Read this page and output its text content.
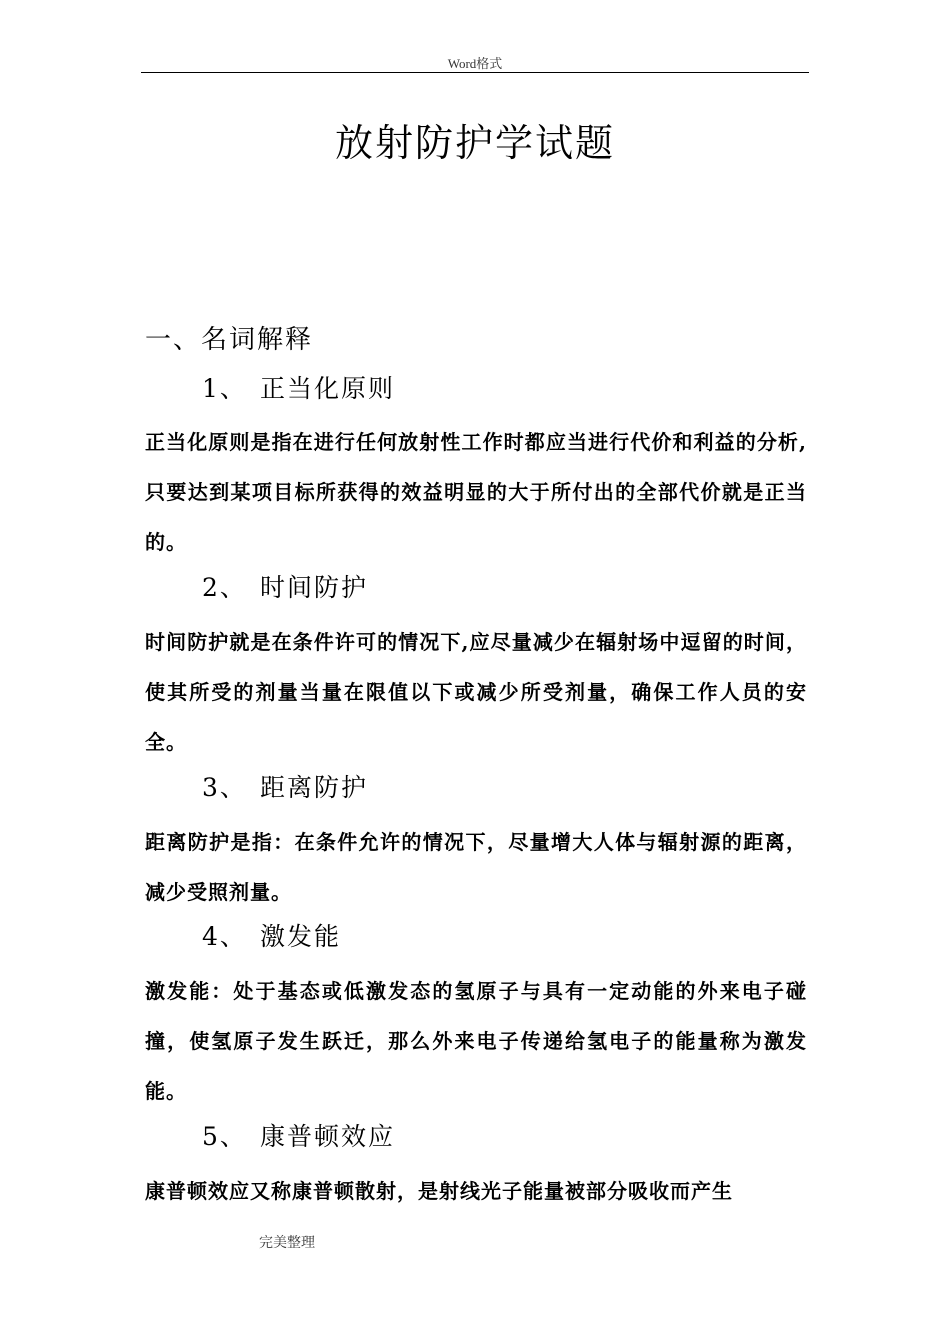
Word格式
放射防护学试题
一、名词解释
1、 正当化原则
正当化原则是指在进行任何放射性工作时都应当进行代价和利益的分析,只要达到某项目标所获得的效益明显的大于所付出的全部代价就是正当的。
2、 时间防护
时间防护就是在条件许可的情况下,应尽量减少在辐射场中逗留的时间，使其所受的剂量当量在限值以下或减少所受剂量，确保工作人员的安全。
3、 距离防护
距离防护是指：在条件允许的情况下，尽量增大人体与辐射源的距离，减少受照剂量。
4、 激发能
激发能：处于基态或低激发态的氢原子与具有一定动能的外来电子碰撞，使氢原子发生跃迁，那么外来电子传递给氢电子的能量称为激发能。
5、 康普顿效应
康普顿效应又称康普顿散射，是射线光子能量被部分吸收而产生
完美整理
